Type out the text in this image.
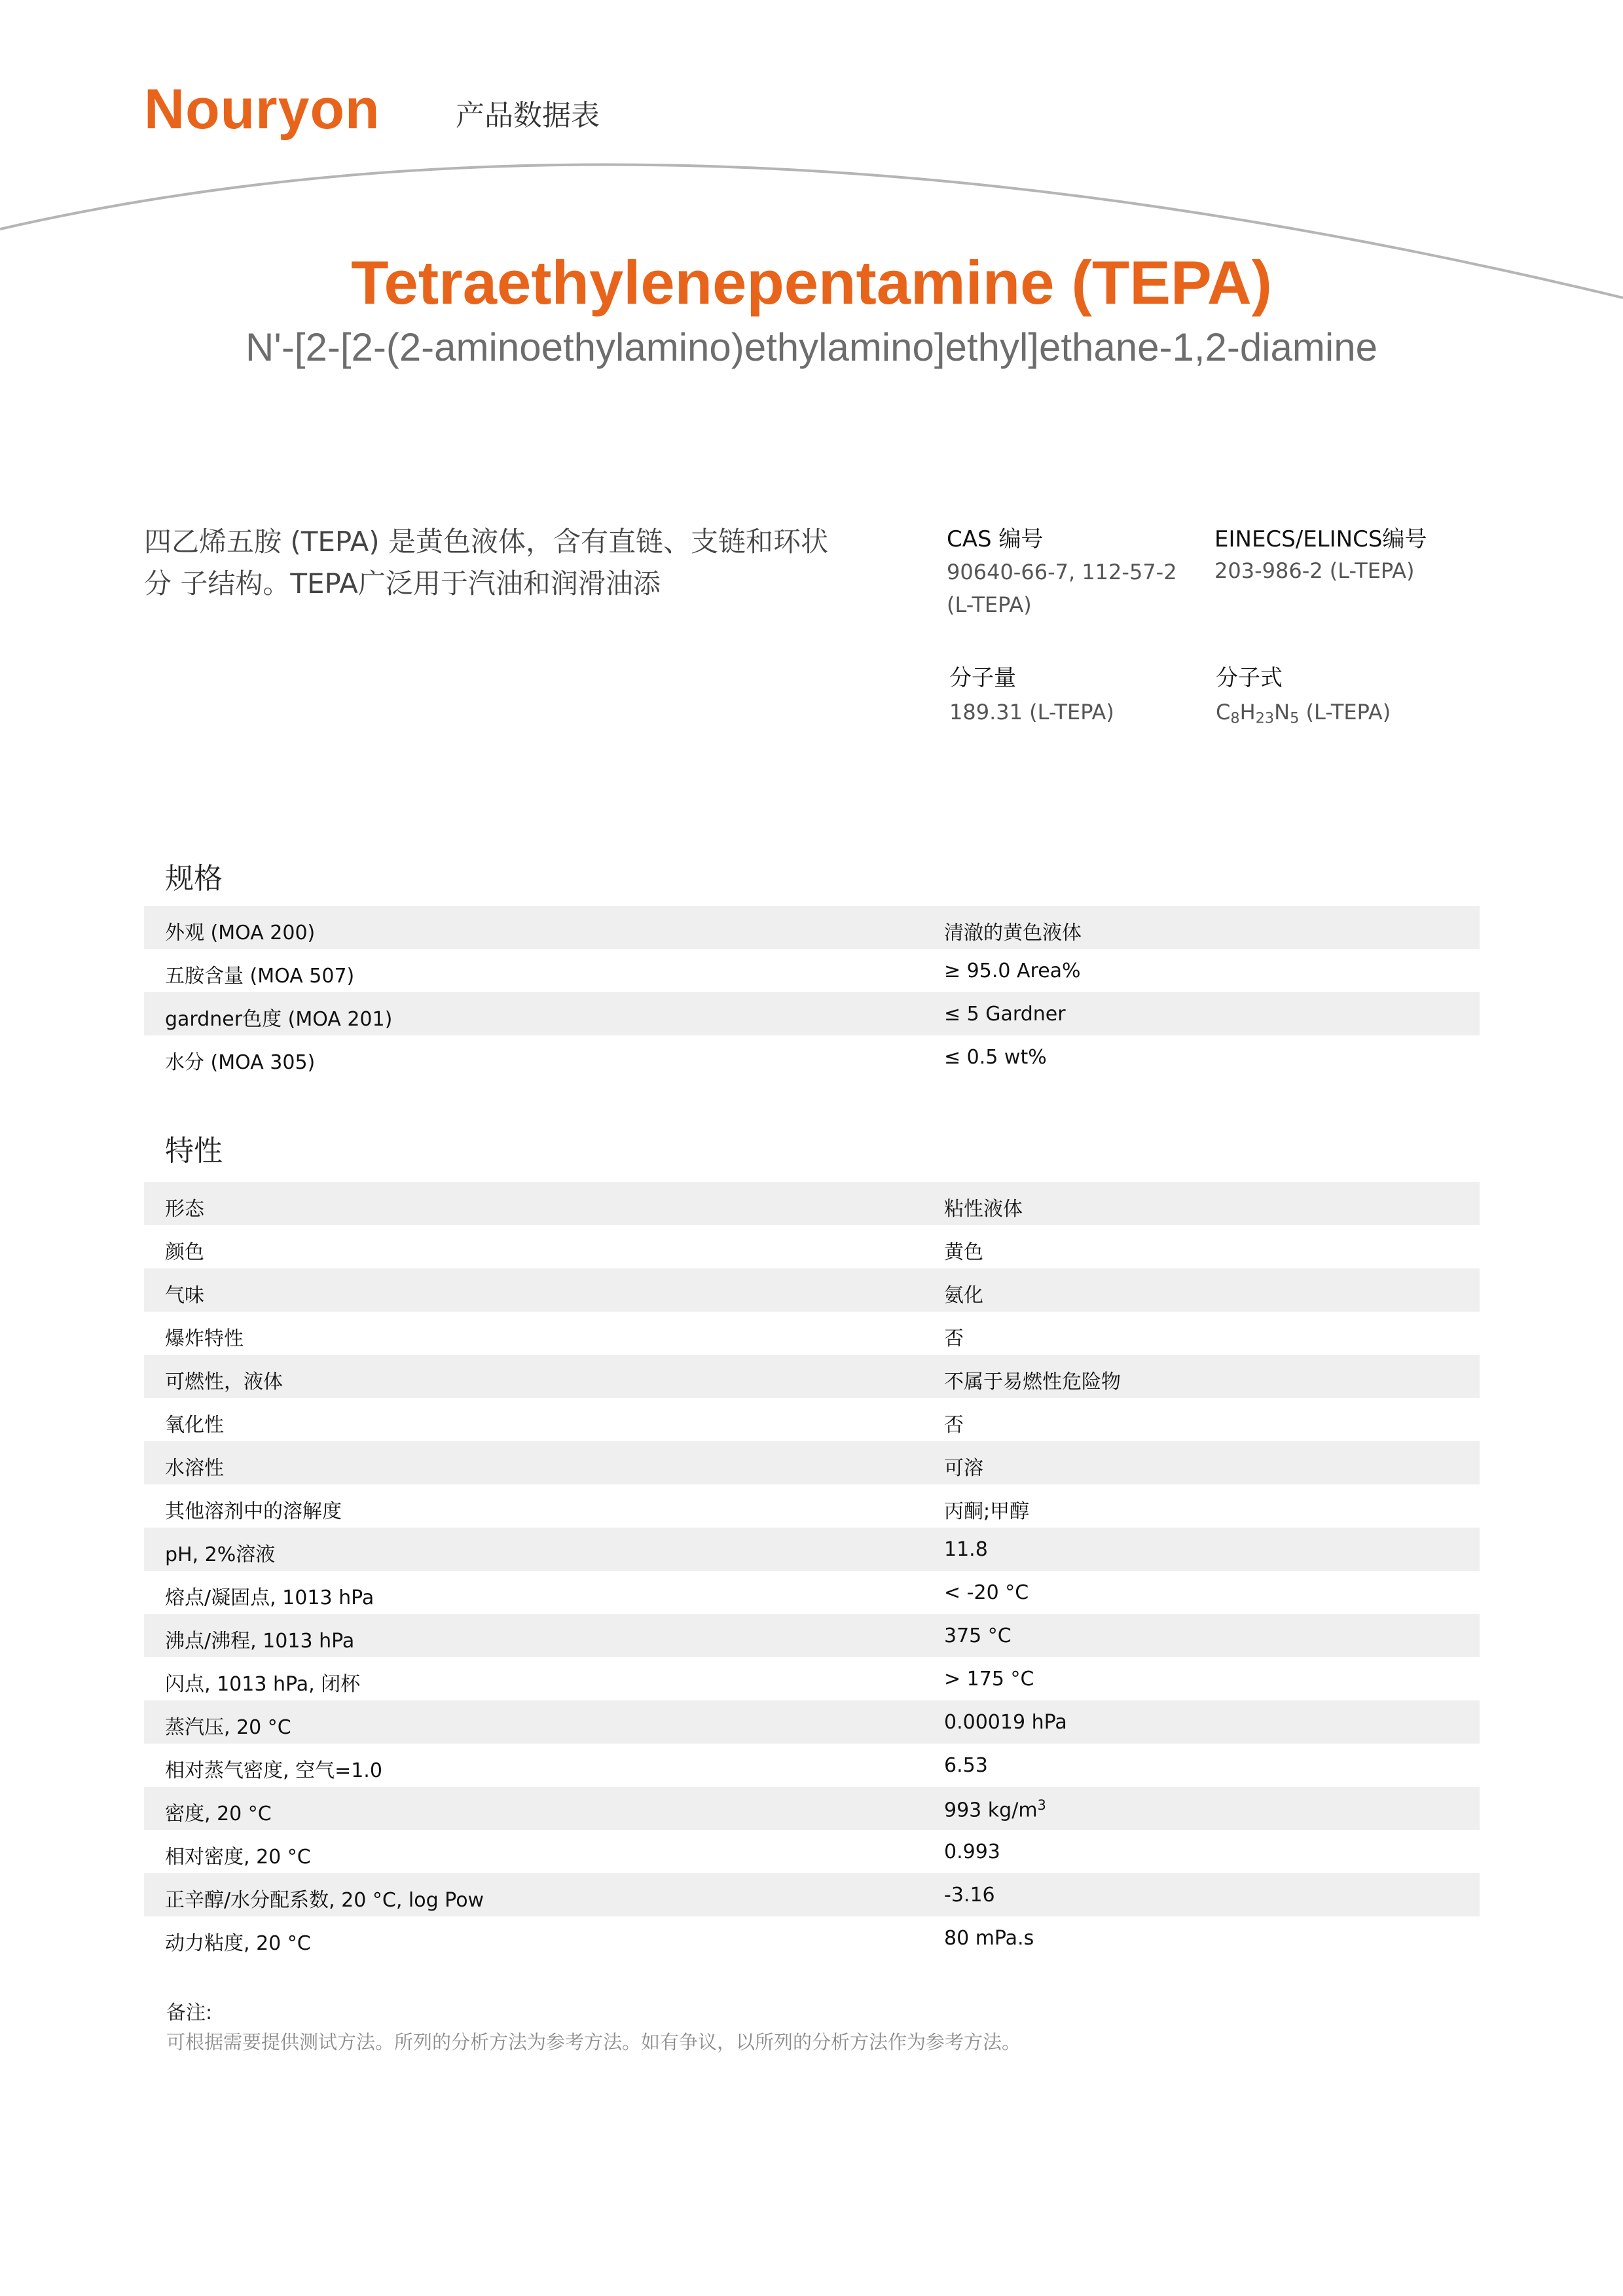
Nouryon	产品数据表
Tetraethylenepentamine (TEPA)
N'-[2-[2-(2-aminoethylamino)ethylamino]ethyl]ethane-1,2-diamine
四乙烯五胺 (TEPA) 是黄色液体，含有直链、支链和环状
分 子结构。TEPA广泛用于汽油和润滑油添
CAS 编号
90640-66-7, 112-57-2
(L-TEPA)
EINECS/ELINCS编号
203-986-2 (L-TEPA)
分子量
189.31 (L-TEPA)
分子式
$C_8H_{23}N_5$ (L-TEPA)
规格
外观 (MOA 200)	清澈的黄色液体
五胺含量 (MOA 507)	≥ 95.0 Area%
gardner色度 (MOA 201)	≤ 5 Gardner
水分 (MOA 305)	≤ 0.5 wt%
特性
形态	粘性液体
颜色	黄色
气味	氨化
爆炸特性	否
可燃性，液体	不属于易燃性危险物
氧化性	否
水溶性	可溶
其他溶剂中的溶解度	丙酮;甲醇
pH, 2%溶液	11.8
熔点/凝固点, 1013 hPa	< -20 °C
沸点/沸程, 1013 hPa	375 °C
闪点, 1013 hPa, 闭杯	> 175 °C
蒸汽压, 20 °C	0.00019 hPa
相对蒸气密度, 空气=1.0	6.53
密度, 20 °C	993 $kg/m^3$
相对密度, 20 °C	0.993
正辛醇/水分配系数, 20 °C, log Pow	-3.16
动力粘度, 20 °C	80 mPa.s
备注:
可根据需要提供测试方法。所列的分析方法为参考方法。如有争议，以所列的分析方法作为参考方法。
